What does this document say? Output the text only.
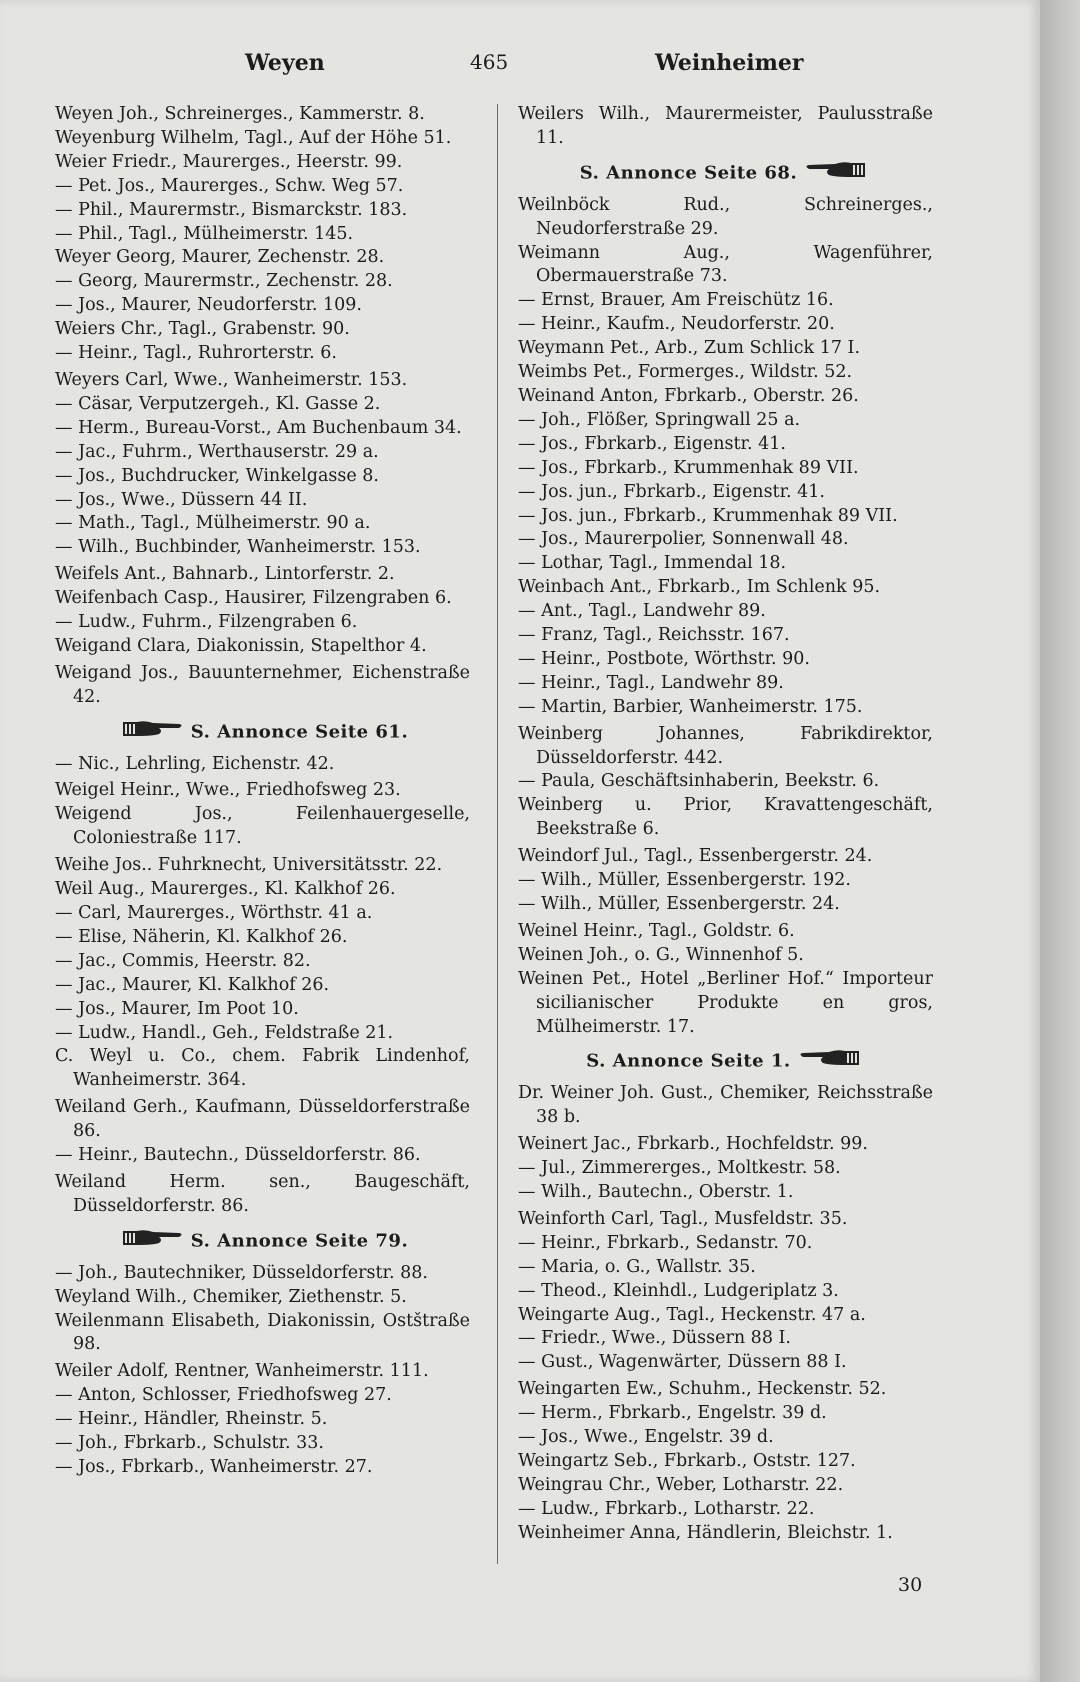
Weyen	465	Weinheimer

Weyen Joh., Schreinerges., Kammerstr. 8.

Weyenburg Wilhelm, Tagl., Auf der Höhe 51.

Weier Friedr., Maurerges., Heerstr. 99.

— Pet. Jos., Maurerges., Schw. Weg 57.

— Phil., Maurermstr., Bismarckstr. 183.

— Phil., Tagl., Mülheimerstr. 145.

Weyer Georg, Maurer, Zechenstr. 28.

— Georg, Maurermstr., Zechenstr. 28.

— Jos., Maurer, Neudorferstr. 109.

Weiers Chr., Tagl., Grabenstr. 90.

— Heinr., Tagl., Ruhrorterstr. 6.

Weyers Carl, Wwe., Wanheimerstr. 153.

— Cäsar, Verputzergeh., Kl. Gasse 2.

— Herm., Bureau-Vorst., Am Buchenbaum 34.

— Jac., Fuhrm., Werthauserstr. 29 a.

— Jos., Buchdrucker, Winkelgasse 8.

— Jos., Wwe., Düssern 44 II.

— Math., Tagl., Mülheimerstr. 90 a.

— Wilh., Buchbinder, Wanheimerstr. 153.

Weifels Ant., Bahnarb., Lintorferstr. 2.

Weifenbach Casp., Hausirer, Filzengraben 6.

— Ludw., Fuhrm., Filzengraben 6.

Weigand Clara, Diakonissin, Stapelthor 4.

Weigand Jos., Bauunternehmer, Eichenstraße 42.

S. Annonce Seite 61.

— Nic., Lehrling, Eichenstr. 42.

Weigel Heinr., Wwe., Friedhofsweg 23.

Weigend Jos., Feilenhauergeselle, Coloniestraße 117.

Weihe Jos.. Fuhrknecht, Universitätsstr. 22.

Weil Aug., Maurerges., Kl. Kalkhof 26.

— Carl, Maurerges., Wörthstr. 41 a.

— Elise, Näherin, Kl. Kalkhof 26.

— Jac., Commis, Heerstr. 82.

— Jac., Maurer, Kl. Kalkhof 26.

— Jos., Maurer, Im Poot 10.

— Ludw., Handl., Geh., Feldstraße 21.

C. Weyl u. Co., chem. Fabrik Lindenhof, Wanheimerstr. 364.

Weiland Gerh., Kaufmann, Düsseldorferstraße 86.

— Heinr., Bautechn., Düsseldorferstr. 86.

Weiland Herm. sen., Baugeschäft, Düsseldorferstr. 86.

S. Annonce Seite 79.

— Joh., Bautechniker, Düsseldorferstr. 88.

Weyland Wilh., Chemiker, Ziethenstr. 5.

Weilenmann Elisabeth, Diakonissin, Ostštraße 98.

Weiler Adolf, Rentner, Wanheimerstr. 111.

— Anton, Schlosser, Friedhofsweg 27.

— Heinr., Händler, Rheinstr. 5.

— Joh., Fbrkarb., Schulstr. 33.

— Jos., Fbrkarb., Wanheimerstr. 27.

Weilers Wilh., Maurermeister, Paulusstraße 11.

S. Annonce Seite 68.

Weilnböck Rud., Schreinerges., Neudorferstraße 29.

Weimann Aug., Wagenführer, Obermauerstraße 73.

— Ernst, Brauer, Am Freischütz 16.

— Heinr., Kaufm., Neudorferstr. 20.

Weymann Pet., Arb., Zum Schlick 17 I.

Weimbs Pet., Formerges., Wildstr. 52.

Weinand Anton, Fbrkarb., Oberstr. 26.

— Joh., Flößer, Springwall 25 a.

— Jos., Fbrkarb., Eigenstr. 41.

— Jos., Fbrkarb., Krummenhak 89 VII.

— Jos. jun., Fbrkarb., Eigenstr. 41.

— Jos. jun., Fbrkarb., Krummenhak 89 VII.

— Jos., Maurerpolier, Sonnenwall 48.

— Lothar, Tagl., Immendal 18.

Weinbach Ant., Fbrkarb., Im Schlenk 95.

— Ant., Tagl., Landwehr 89.

— Franz, Tagl., Reichsstr. 167.

— Heinr., Postbote, Wörthstr. 90.

— Heinr., Tagl., Landwehr 89.

— Martin, Barbier, Wanheimerstr. 175.

Weinberg Johannes, Fabrikdirektor, Düsseldorferstr. 442.

— Paula, Geschäftsinhaberin, Beekstr. 6.

Weinberg u. Prior, Kravattengeschäft, Beekstraße 6.

Weindorf Jul., Tagl., Essenbergerstr. 24.

— Wilh., Müller, Essenbergerstr. 192.

— Wilh., Müller, Essenbergerstr. 24.

Weinel Heinr., Tagl., Goldstr. 6.

Weinen Joh., o. G., Winnenhof 5.

Weinen Pet., Hotel „Berliner Hof.“ Importeur sicilianischer Produkte en gros, Mülheimerstr. 17.

S. Annonce Seite 1.

Dr. Weiner Joh. Gust., Chemiker, Reichsstraße 38 b.

Weinert Jac., Fbrkarb., Hochfeldstr. 99.

— Jul., Zimmererges., Moltkestr. 58.

— Wilh., Bautechn., Oberstr. 1.

Weinforth Carl, Tagl., Musfeldstr. 35.

— Heinr., Fbrkarb., Sedanstr. 70.

— Maria, o. G., Wallstr. 35.

— Theod., Kleinhdl., Ludgeriplatz 3.

Weingarte Aug., Tagl., Heckenstr. 47 a.

— Friedr., Wwe., Düssern 88 I.

— Gust., Wagenwärter, Düssern 88 I.

Weingarten Ew., Schuhm., Heckenstr. 52.

— Herm., Fbrkarb., Engelstr. 39 d.

— Jos., Wwe., Engelstr. 39 d.

Weingartz Seb., Fbrkarb., Oststr. 127.

Weingrau Chr., Weber, Lotharstr. 22.

— Ludw., Fbrkarb., Lotharstr. 22.

Weinheimer Anna, Händlerin, Bleichstr. 1.

30
